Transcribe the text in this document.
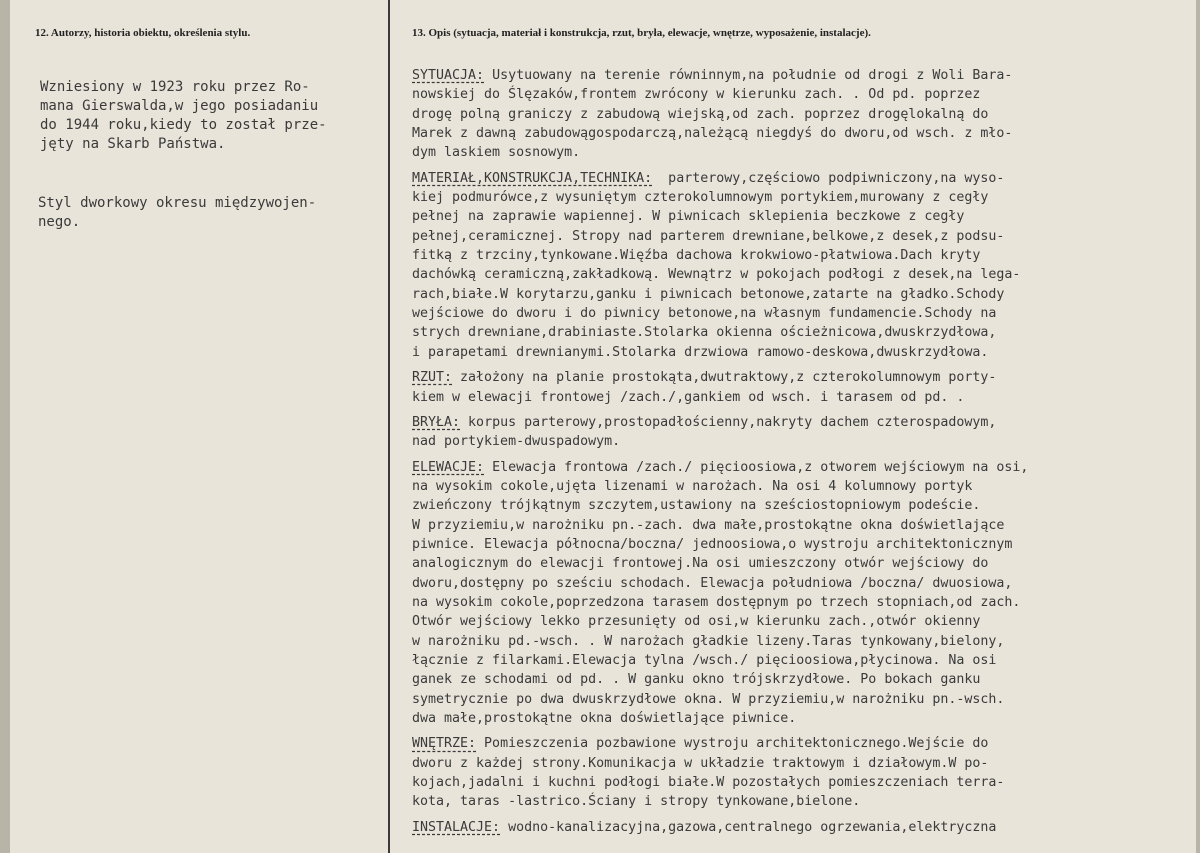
12. Autorzy, historia obiektu, określenia stylu.
Wzniesiony w 1923 roku przez Ro-
mana Gierswalda,w jego posiadaniu
do 1944 roku,kiedy to został prze-
jęty na Skarb Państwa.
Styl dworkowy okresu międzywojen-
nego.
13. Opis (sytuacja, materiał i konstrukcja, rzut, bryła, elewacje, wnętrze, wyposażenie, instalacje).
SYTUACJA: Usytuowany na terenie równinnym,na południe od drogi z Woli Bara-
nowskiej do Ślęzaków,frontem zwrócony w kierunku zach. . Od pd. poprzez
drogę polną graniczy z zabudową wiejską,od zach. poprzez drogęlokalną do
Marek z dawną zabudowągospodarczą,należącą niegdyś do dworu,od wsch. z mło-
dym laskiem sosnowym.
MATERIAŁ,KONSTRUKCJA,TECHNIKA:  parterowy,częściowo podpiwniczony,na wyso-
kiej podmurówce,z wysuniętym czterokolumnowym portykiem,murowany z cegły
pełnej na zaprawie wapiennej. W piwnicach sklepienia beczkowe z cegły
pełnej,ceramicznej. Stropy nad parterem drewniane,belkowe,z desek,z podsu-
fitką z trzciny,tynkowane.Więźba dachowa krokwiowo-płatwiowa.Dach kryty
dachówką ceramiczną,zakładkową. Wewnątrz w pokojach podłogi z desek,na lega-
rach,białe.W korytarzu,ganku i piwnicach betonowe,zatarte na gładko.Schody
wejściowe do dworu i do piwnicy betonowe,na własnym fundamencie.Schody na
strych drewniane,drabiniaste.Stolarka okienna ościeżnicowa,dwuskrzydłowa,
i parapetami drewnianymi.Stolarka drzwiowa ramowo-deskowa,dwuskrzydłowa.
RZUT: założony na planie prostokąta,dwutraktowy,z czterokolumnowym porty-
kiem w elewacji frontowej /zach./,gankiem od wsch. i tarasem od pd. .
BRYŁA: korpus parterowy,prostopadłościenny,nakryty dachem czterospadowym,
nad portykiem-dwuspadowym.
ELEWACJE: Elewacja frontowa /zach./ pięcioosiowa,z otworem wejściowym na osi,
na wysokim cokole,ujęta lizenami w narożach. Na osi 4 kolumnowy portyk
zwieńczony trójkątnym szczytem,ustawiony na sześciostopniowym podeście.
W przyziemiu,w narożniku pn.-zach. dwa małe,prostokątne okna doświetlające
piwnice. Elewacja północna/boczna/ jednoosiowa,o wystroju architektonicznym
analogicznym do elewacji frontowej.Na osi umieszczony otwór wejściowy do
dworu,dostępny po sześciu schodach. Elewacja południowa /boczna/ dwuosiowa,
na wysokim cokole,poprzedzona tarasem dostępnym po trzech stopniach,od zach.
Otwór wejściowy lekko przesunięty od osi,w kierunku zach.,otwór okienny
w narożniku pd.-wsch. . W narożach gładkie lizeny.Taras tynkowany,bielony,
łącznie z filarkami.Elewacja tylna /wsch./ pięcioosiowa,płycinowa. Na osi
ganek ze schodami od pd. . W ganku okno trójskrzydłowe. Po bokach ganku
symetrycznie po dwa dwuskrzydłowe okna. W przyziemiu,w narożniku pn.-wsch.
dwa małe,prostokątne okna doświetlające piwnice.
WNĘTRZE: Pomieszczenia pozbawione wystroju architektonicznego.Wejście do
dworu z każdej strony.Komunikacja w układzie traktowym i działowym.W po-
kojach,jadalni i kuchni podłogi białe.W pozostałych pomieszczeniach terra-
kota, taras -lastrico.Ściany i stropy tynkowane,bielone.
INSTALACJE: wodno-kanalizacyjna,gazowa,centralnego ogrzewania,elektryczna
